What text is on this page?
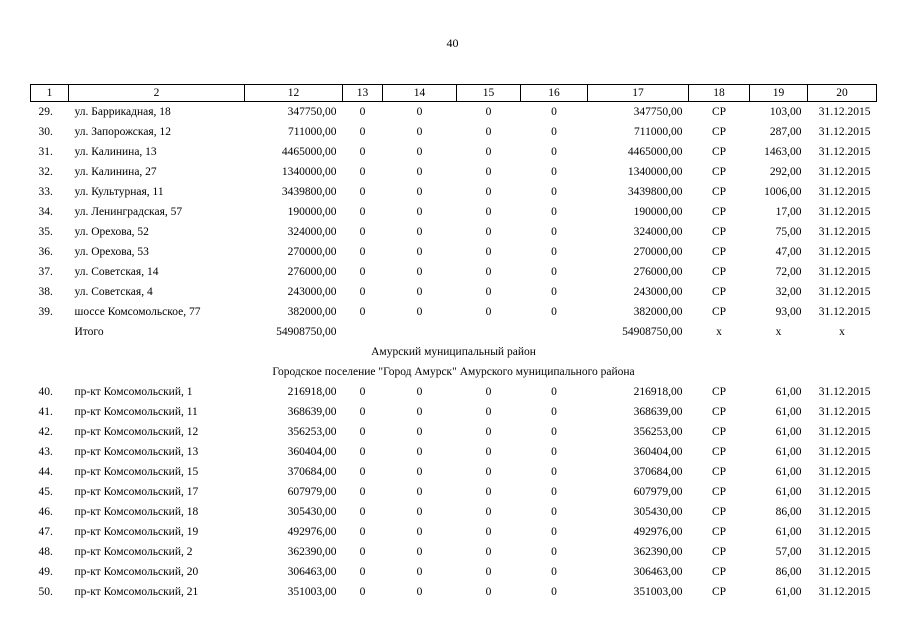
40
1	2	12	13	14	15	16	17	18	19	20
29.	ул. Баррикадная, 18	347750,00	0	0	0	0	347750,00	СР	103,00	31.12.2015
30.	ул. Запорожская, 12	711000,00	0	0	0	0	711000,00	СР	287,00	31.12.2015
31.	ул. Калинина, 13	4465000,00	0	0	0	0	4465000,00	СР	1463,00	31.12.2015
32.	ул. Калинина, 27	1340000,00	0	0	0	0	1340000,00	СР	292,00	31.12.2015
33.	ул. Культурная, 11	3439800,00	0	0	0	0	3439800,00	СР	1006,00	31.12.2015
34.	ул. Ленинградская, 57	190000,00	0	0	0	0	190000,00	СР	17,00	31.12.2015
35.	ул. Орехова, 52	324000,00	0	0	0	0	324000,00	СР	75,00	31.12.2015
36.	ул. Орехова, 53	270000,00	0	0	0	0	270000,00	СР	47,00	31.12.2015
37.	ул. Советская, 14	276000,00	0	0	0	0	276000,00	СР	72,00	31.12.2015
38.	ул. Советская, 4	243000,00	0	0	0	0	243000,00	СР	32,00	31.12.2015
39.	шоссе Комсомольское, 77	382000,00	0	0	0	0	382000,00	СР	93,00	31.12.2015
	Итого	54908750,00					54908750,00	х	х	х
Амурский муниципальный район										
Городское поселение "Город Амурск" Амурского муниципального района										
40.	пр-кт Комсомольский, 1	216918,00	0	0	0	0	216918,00	СР	61,00	31.12.2015
41.	пр-кт Комсомольский, 11	368639,00	0	0	0	0	368639,00	СР	61,00	31.12.2015
42.	пр-кт Комсомольский, 12	356253,00	0	0	0	0	356253,00	СР	61,00	31.12.2015
43.	пр-кт Комсомольский, 13	360404,00	0	0	0	0	360404,00	СР	61,00	31.12.2015
44.	пр-кт Комсомольский, 15	370684,00	0	0	0	0	370684,00	СР	61,00	31.12.2015
45.	пр-кт Комсомольский, 17	607979,00	0	0	0	0	607979,00	СР	61,00	31.12.2015
46.	пр-кт Комсомольский, 18	305430,00	0	0	0	0	305430,00	СР	86,00	31.12.2015
47.	пр-кт Комсомольский, 19	492976,00	0	0	0	0	492976,00	СР	61,00	31.12.2015
48.	пр-кт Комсомольский, 2	362390,00	0	0	0	0	362390,00	СР	57,00	31.12.2015
49.	пр-кт Комсомольский, 20	306463,00	0	0	0	0	306463,00	СР	86,00	31.12.2015
50.	пр-кт Комсомольский, 21	351003,00	0	0	0	0	351003,00	СР	61,00	31.12.2015
